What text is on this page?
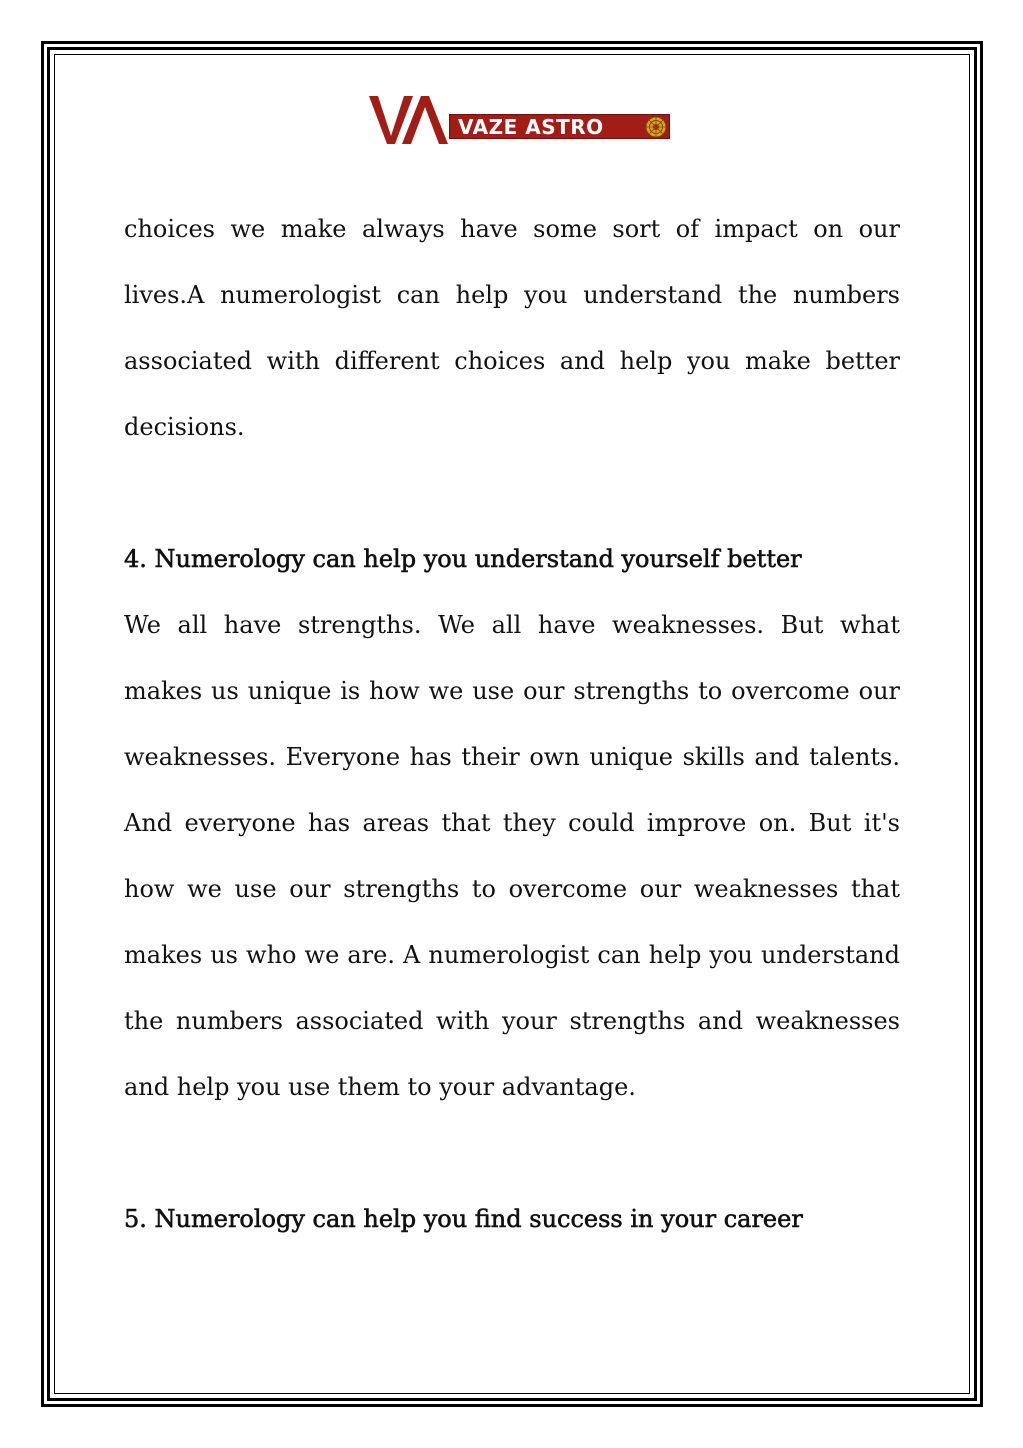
VAZE ASTRO

choices we make always have some sort of impact on our lives.A numerologist can help you understand the numbers associated with different choices and help you make better decisions.

4. Numerology can help you understand yourself better

We all have strengths. We all have weaknesses. But what makes us unique is how we use our strengths to overcome our weaknesses. Everyone has their own unique skills and talents. And everyone has areas that they could improve on. But it's how we use our strengths to overcome our weaknesses that makes us who we are. A numerologist can help you understand the numbers associated with your strengths and weaknesses and help you use them to your advantage.

5. Numerology can help you find success in your career
